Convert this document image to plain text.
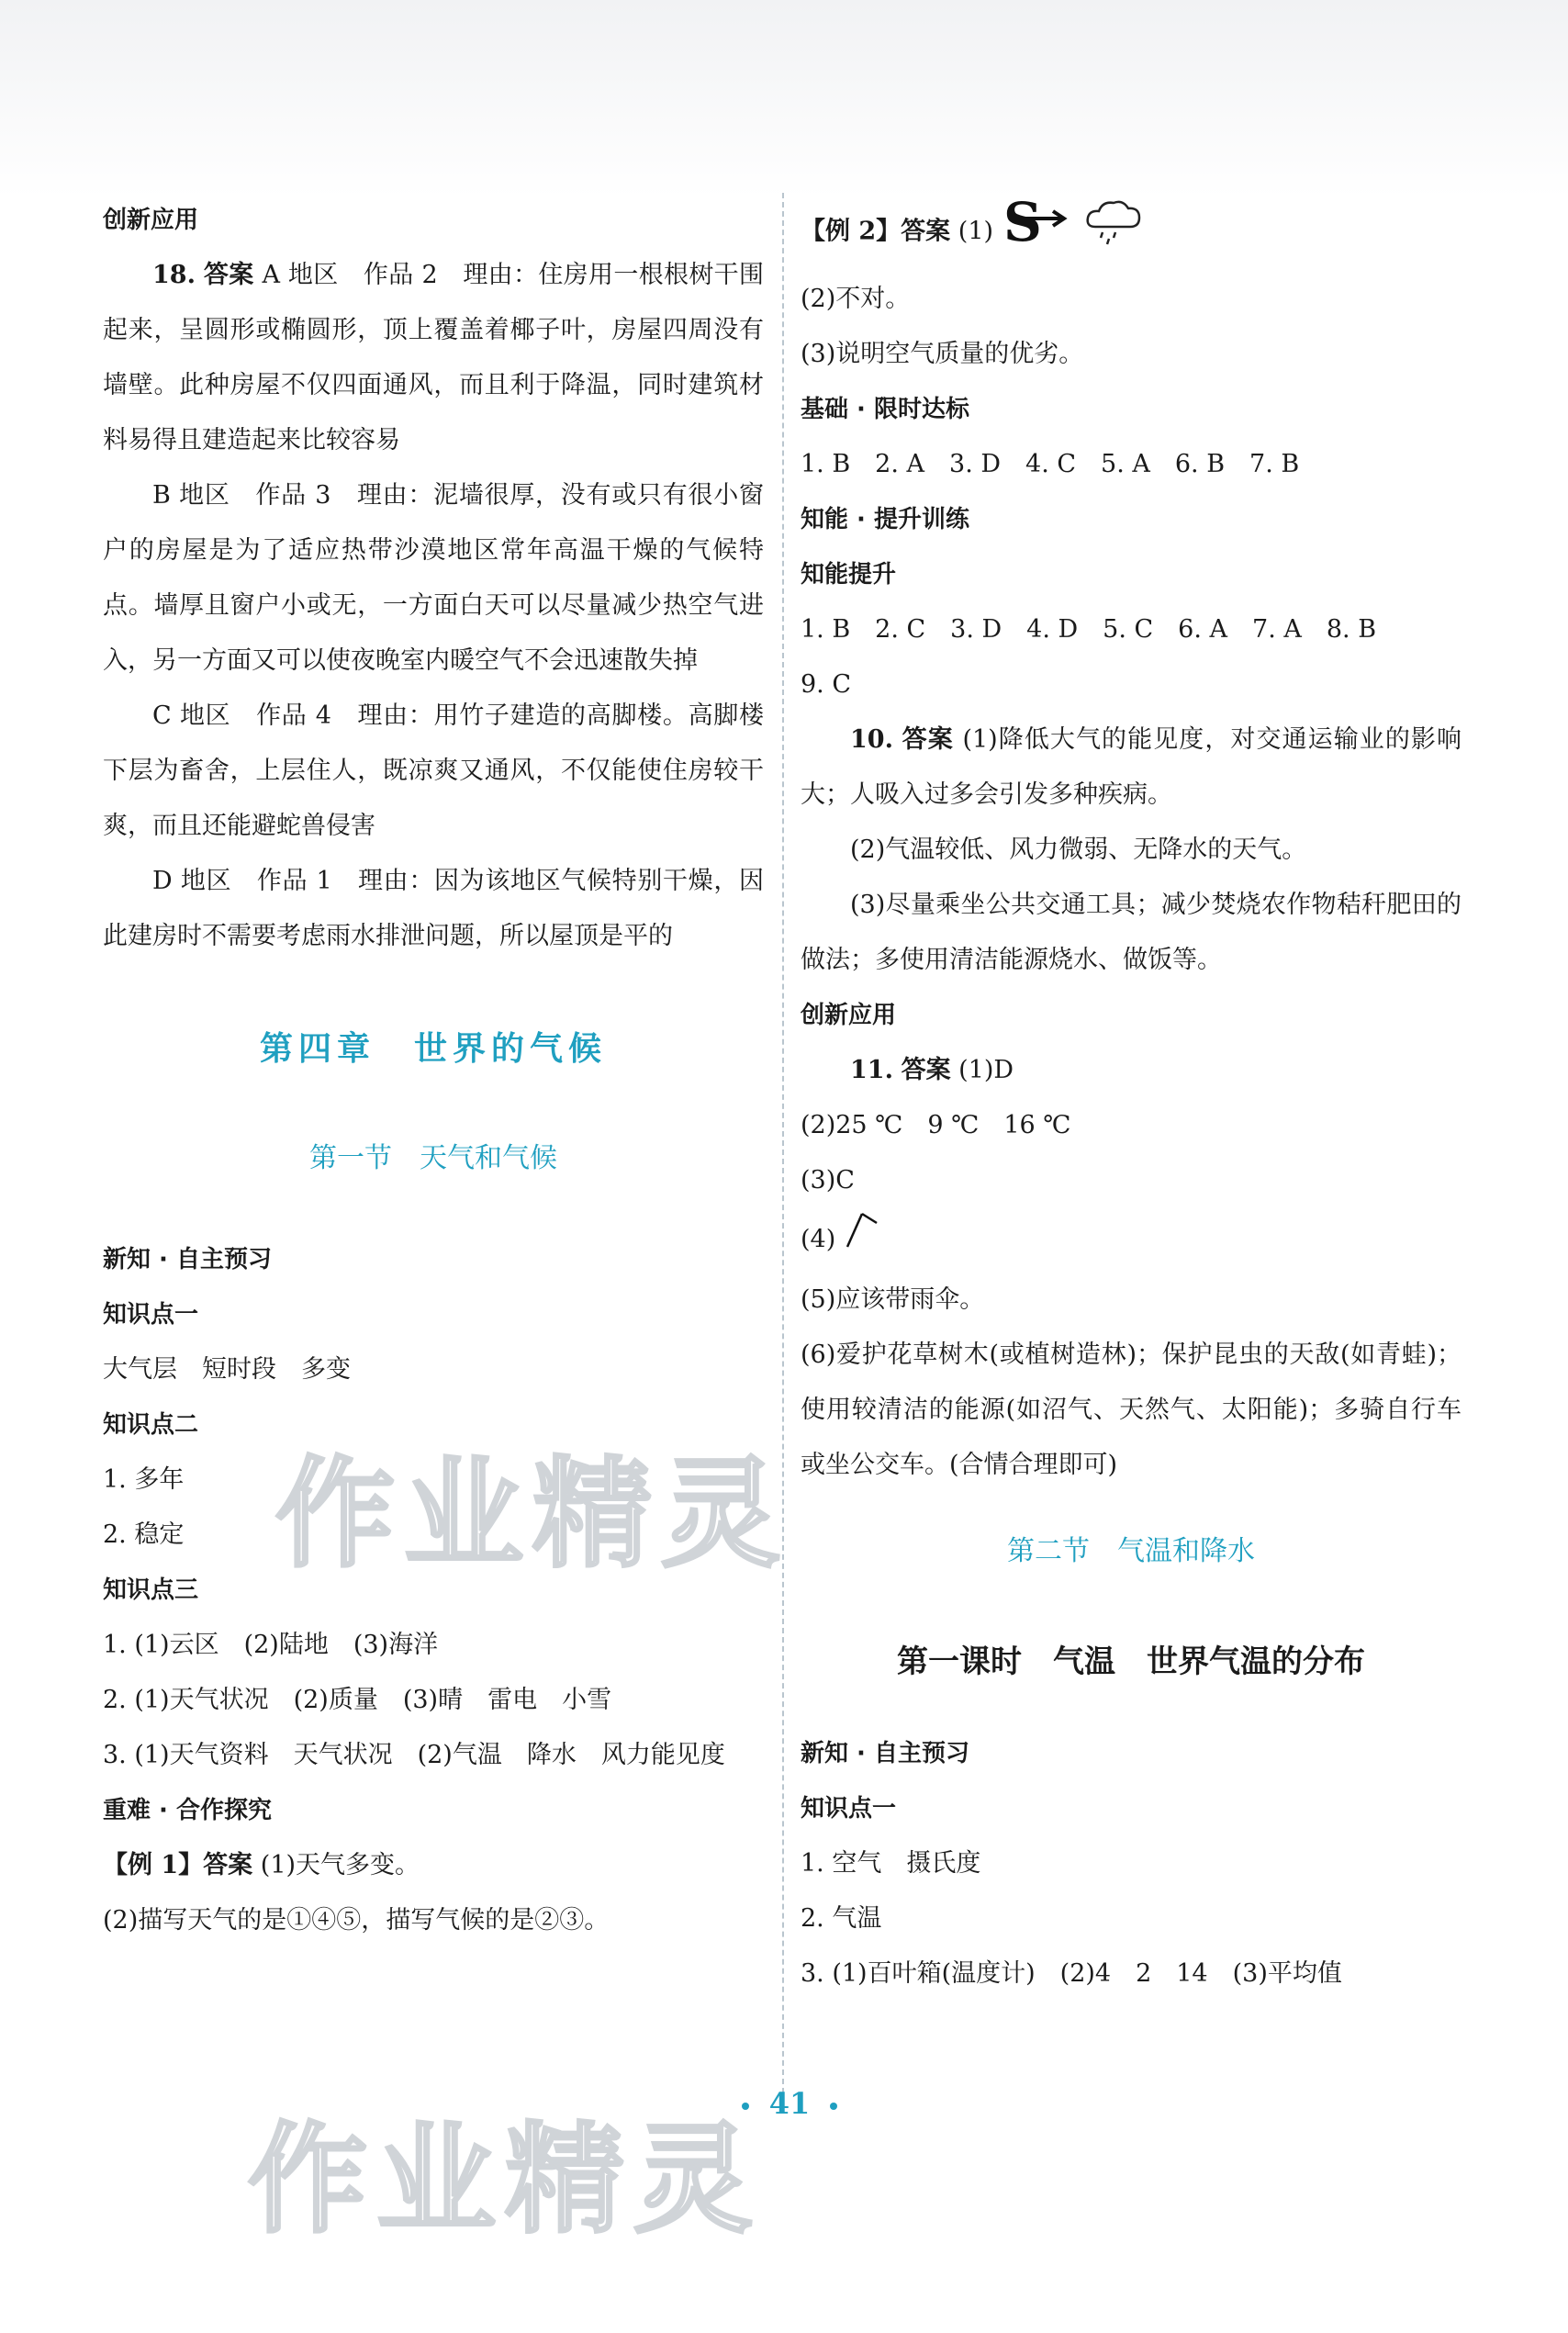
创新应用

18. 答案 A 地区　作品 2　理由：住房用一根根树干围起来，呈圆形或椭圆形，顶上覆盖着椰子叶，房屋四周没有墙壁。此种房屋不仅四面通风，而且利于降温，同时建筑材料易得且建造起来比较容易

B 地区　作品 3　理由：泥墙很厚，没有或只有很小窗户的房屋是为了适应热带沙漠地区常年高温干燥的气候特点。墙厚且窗户小或无，一方面白天可以尽量减少热空气进入，另一方面又可以使夜晚室内暖空气不会迅速散失掉

C 地区　作品 4　理由：用竹子建造的高脚楼。高脚楼下层为畜舍，上层住人，既凉爽又通风，不仅能使住房较干爽，而且还能避蛇兽侵害

D 地区　作品 1　理由：因为该地区气候特别干燥，因此建房时不需要考虑雨水排泄问题，所以屋顶是平的

第四章　世界的气候
第一节　天气和气候

新知 · 自主预习

知识点一

大气层　短时段　多变

知识点二

1. 多年

2. 稳定

知识点三

1. (1)云区　(2)陆地　(3)海洋

2. (1)天气状况　(2)质量　(3)晴　雷电　小雪

3. (1)天气资料　天气状况　(2)气温　降水　风力能见度

重难 · 合作探究

【例 1】答案 (1)天气多变。

(2)描写天气的是①④⑤，描写气候的是②③。

【例 2】答案 (1) S

(2)不对。

(3)说明空气质量的优劣。

基础 · 限时达标

1. B　2. A　3. D　4. C　5. A　6. B　7. B

知能 · 提升训练

知能提升

1. B　2. C　3. D　4. D　5. C　6. A　7. A　8. B

9. C

10. 答案 (1)降低大气的能见度，对交通运输业的影响大；人吸入过多会引发多种疾病。

(2)气温较低、风力微弱、无降水的天气。

(3)尽量乘坐公共交通工具；减少焚烧农作物秸秆肥田的做法；多使用清洁能源烧水、做饭等。

创新应用

11. 答案 (1)D

(2)25 ℃　9 ℃　16 ℃

(3)C

(4)

(5)应该带雨伞。

(6)爱护花草树木(或植树造林)；保护昆虫的天敌(如青蛙)；使用较清洁的能源(如沼气、天然气、太阳能)；多骑自行车或坐公交车。(合情合理即可)

第二节　气温和降水
第一课时　气温　世界气温的分布

新知 · 自主预习

知识点一

1. 空气　摄氏度

2. 气温

3. (1)百叶箱(温度计)　(2)4　2　14　(3)平均值

作业精灵
作业精灵
41
